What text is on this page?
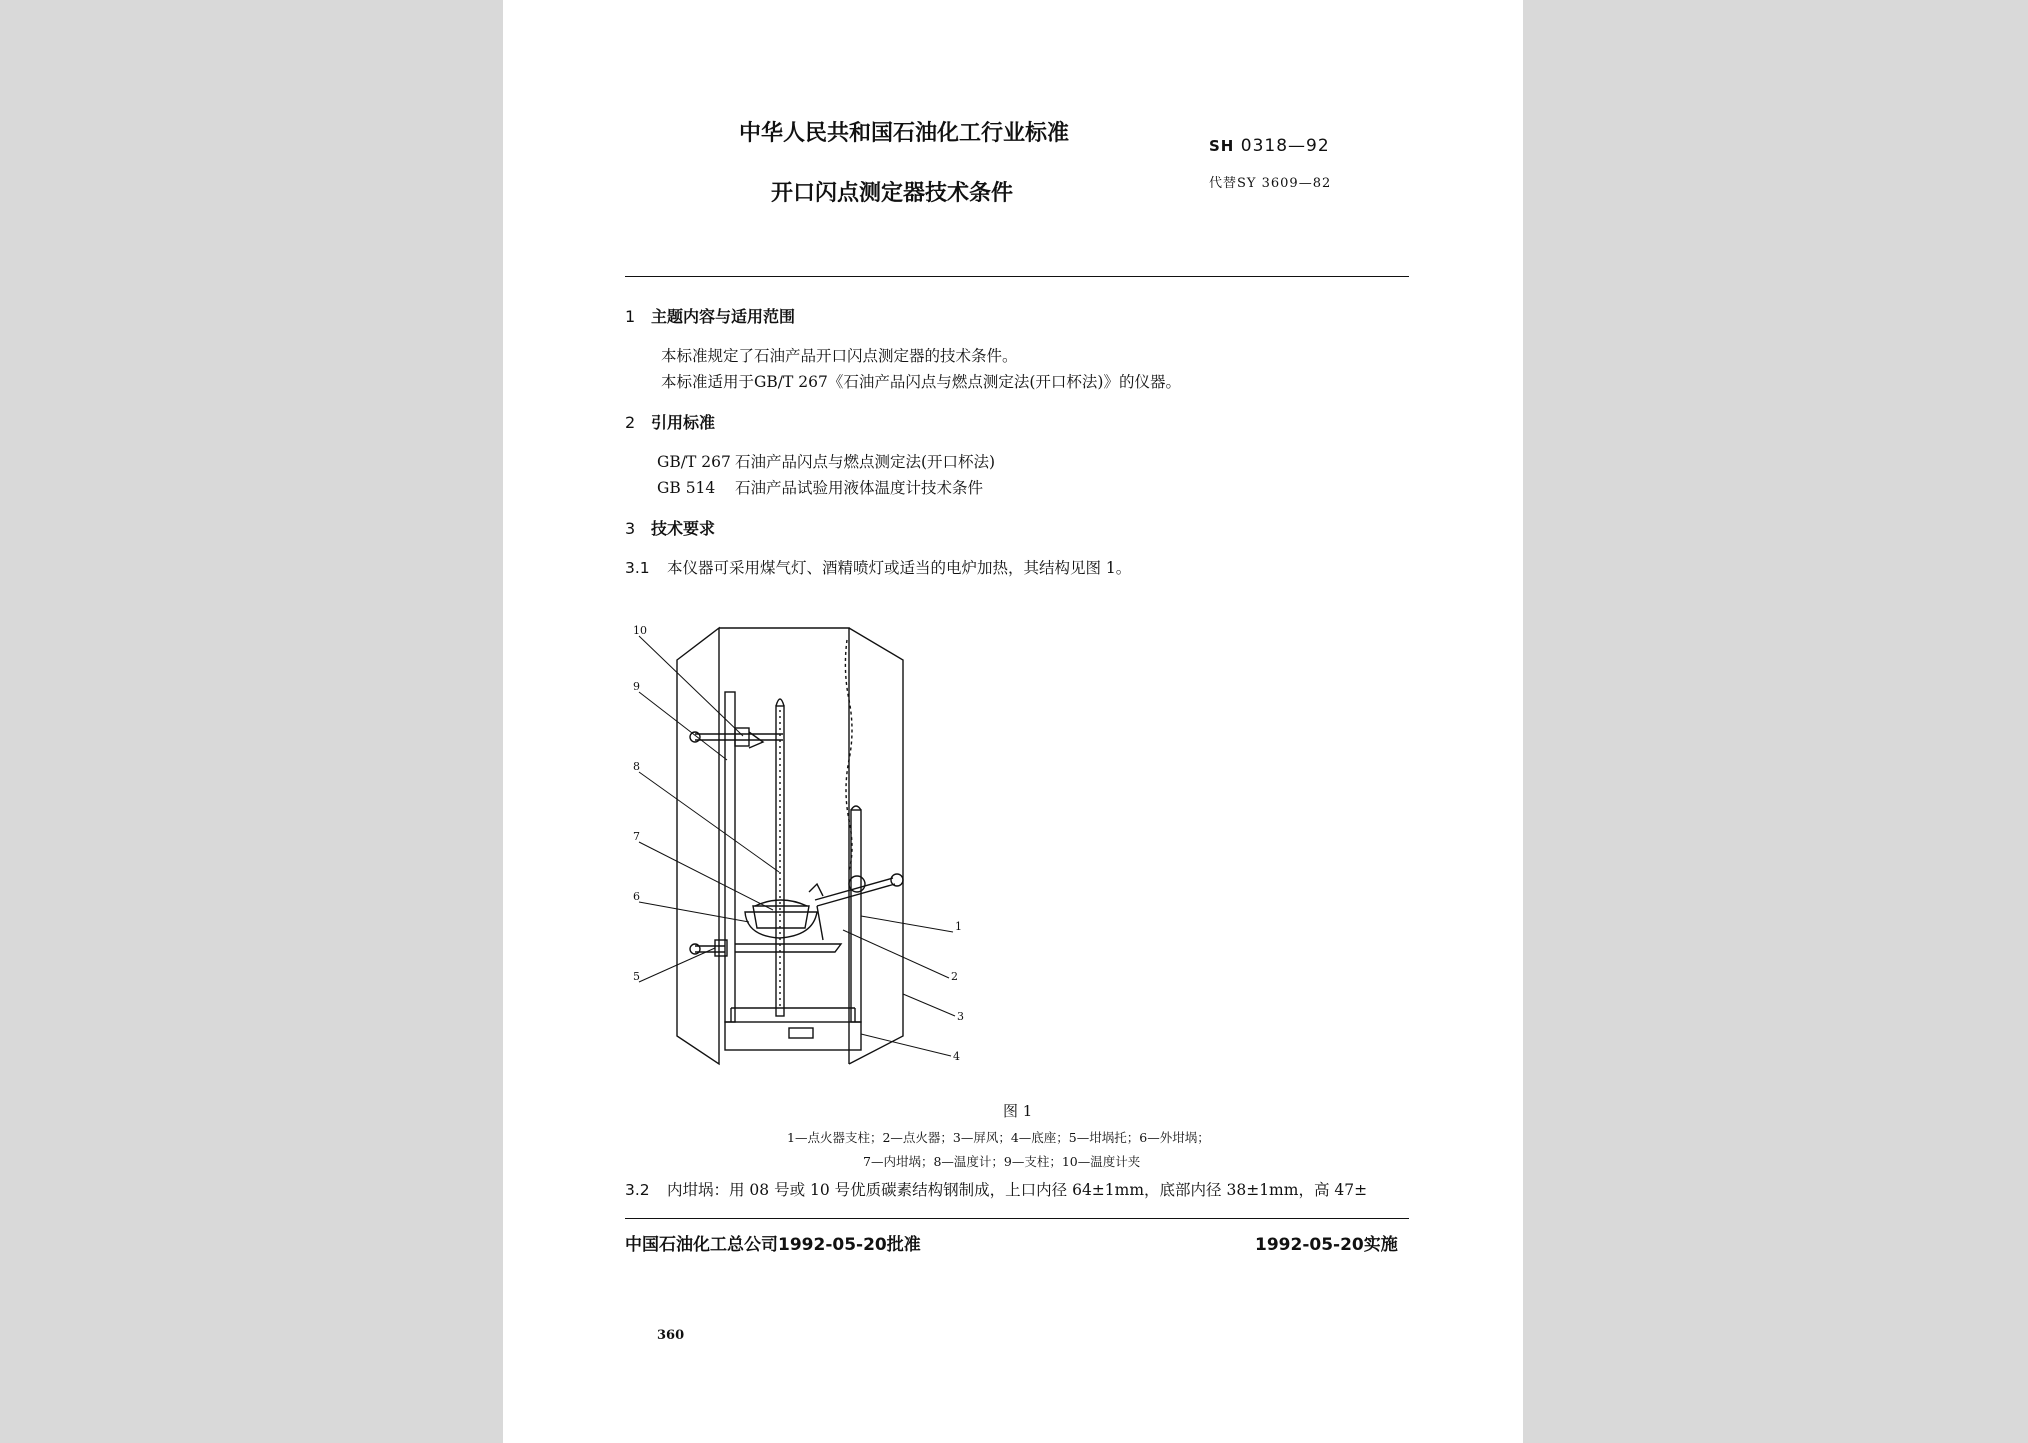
中华人民共和国石油化工行业标准
开口闪点测定器技术条件
SH 0318—92
代替SY 3609—82
1 主题内容与适用范围
本标准规定了石油产品开口闪点测定器的技术条件。
本标准适用于GB/T 267《石油产品闪点与燃点测定法(开口杯法)》的仪器。
2 引用标准
GB/T 267 石油产品闪点与燃点测定法(开口杯法)
GB 514 石油产品试验用液体温度计技术条件
3 技术要求
3.1 本仪器可采用煤气灯、酒精喷灯或适当的电炉加热，其结构见图 1。
10
9
8
7
6
5
1
2
3
4
图 1
1—点火器支柱；2—点火器；3—屏风；4—底座；5—坩埚托；6—外坩埚；
7—内坩埚；8—温度计；9—支柱；10—温度计夹
3.2 内坩埚：用 08 号或 10 号优质碳素结构钢制成，上口内径 64±1mm，底部内径 38±1mm，高 47±
中国石油化工总公司1992-05-20批准	1992-05-20实施
360
